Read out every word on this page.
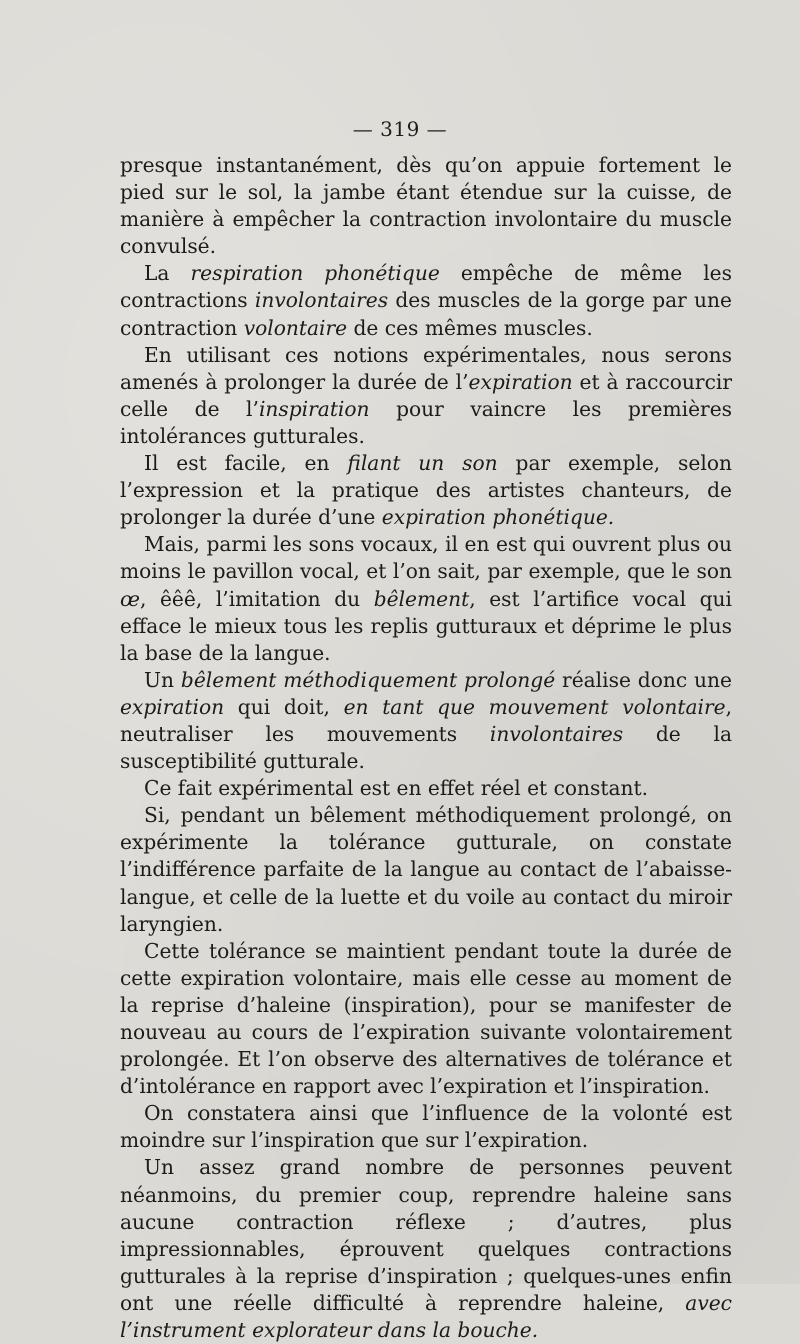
— 319 —

presque instantanément, dès qu’on appuie fortement le pied sur le sol, la jambe étant étendue sur la cuisse, de manière à empêcher la contraction involontaire du muscle convulsé.

La respiration phonétique empêche de même les contractions involontaires des muscles de la gorge par une contraction volontaire de ces mêmes muscles.

En utilisant ces notions expérimentales, nous serons amenés à prolonger la durée de l’expiration et à raccourcir celle de l’inspiration pour vaincre les premières intolérances gutturales.

Il est facile, en filant un son par exemple, selon l’expression et la pratique des artistes chanteurs, de prolonger la durée d’une expiration phonétique.

Mais, parmi les sons vocaux, il en est qui ouvrent plus ou moins le pavillon vocal, et l’on sait, par exemple, que le son œ, êêê, l’imitation du bêlement, est l’artifice vocal qui efface le mieux tous les replis gutturaux et déprime le plus la base de la langue.

Un bêlement méthodiquement prolongé réalise donc une expiration qui doit, en tant que mouvement volontaire, neutraliser les mouvements involontaires de la susceptibilité gutturale.

Ce fait expérimental est en effet réel et constant.

Si, pendant un bêlement méthodiquement prolongé, on expérimente la tolérance gutturale, on constate l’indifférence parfaite de la langue au contact de l’abaisse-langue, et celle de la luette et du voile au contact du miroir laryngien.

Cette tolérance se maintient pendant toute la durée de cette expiration volontaire, mais elle cesse au moment de la reprise d’haleine (inspiration), pour se manifester de nouveau au cours de l’expiration suivante volontairement prolongée. Et l’on observe des alternatives de tolérance et d’intolérance en rapport avec l’expiration et l’inspiration.

On constatera ainsi que l’influence de la volonté est moindre sur l’inspiration que sur l’expiration.

Un assez grand nombre de personnes peuvent néanmoins, du premier coup, reprendre haleine sans aucune contraction réflexe ; d’autres, plus impressionnables, éprouvent quelques contractions gutturales à la reprise d’inspiration ; quelques-unes enfin ont une réelle difficulté à reprendre haleine, avec l’instrument explorateur dans la bouche.
